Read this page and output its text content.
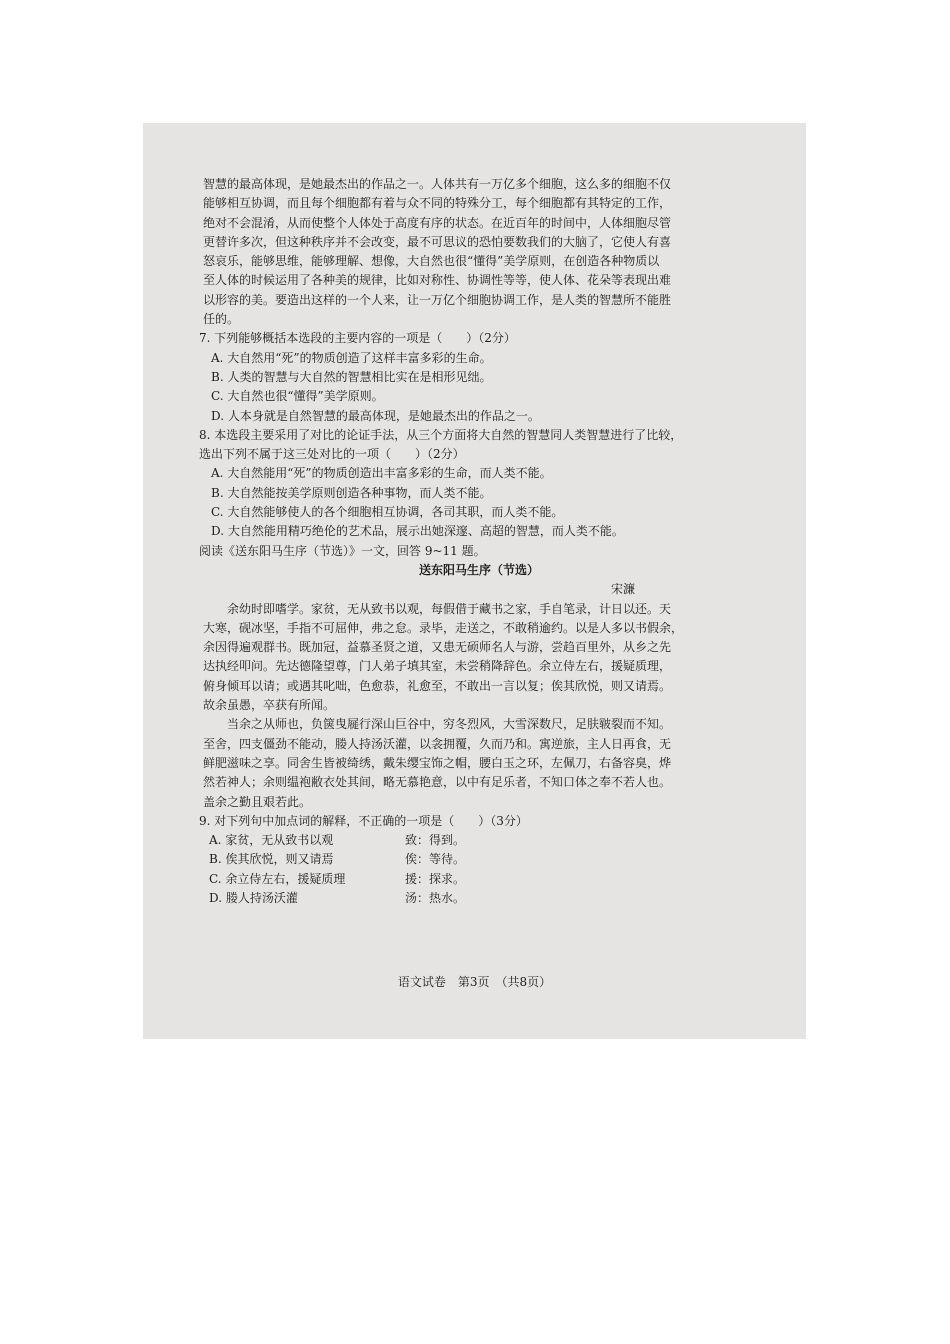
智慧的最高体现，是她最杰出的作品之一。人体共有一万亿多个细胞，这么多的细胞不仅
能够相互协调，而且每个细胞都有着与众不同的特殊分工，每个细胞都有其特定的工作，
绝对不会混淆，从而使整个人体处于高度有序的状态。在近百年的时间中，人体细胞尽管
更替许多次，但这种秩序并不会改变，最不可思议的恐怕要数我们的大脑了，它使人有喜
怒哀乐，能够思维，能够理解、想像，大自然也很“懂得”美学原则，在创造各种物质以
至人体的时候运用了各种美的规律，比如对称性、协调性等等，使人体、花朵等表现出难
以形容的美。要造出这样的一个人来，让一万亿个细胞协调工作，是人类的智慧所不能胜
任的。
7. 下列能够概括本选段的主要内容的一项是（　　）（2分）
A. 大自然用“死”的物质创造了这样丰富多彩的生命。
B. 人类的智慧与大自然的智慧相比实在是相形见绌。
C. 大自然也很“懂得”美学原则。
D. 人本身就是自然智慧的最高体现，是她最杰出的作品之一。
8. 本选段主要采用了对比的论证手法，从三个方面将大自然的智慧同人类智慧进行了比较，
选出下列不属于这三处对比的一项（　　）（2分）
A. 大自然能用“死”的物质创造出丰富多彩的生命，而人类不能。
B. 大自然能按美学原则创造各种事物，而人类不能。
C. 大自然能够使人的各个细胞相互协调，各司其职，而人类不能。
D. 大自然能用精巧绝伦的艺术品，展示出她深邃、高超的智慧，而人类不能。
阅读《送东阳马生序（节选）》一文，回答 9~11 题。
送东阳马生序（节选）
宋濂
余幼时即嗜学。家贫，无从致书以观，每假借于藏书之家，手自笔录，计日以还。天
大寒，砚冰坚，手指不可屈伸，弗之怠。录毕，走送之，不敢稍逾约。以是人多以书假余，
余因得遍观群书。既加冠，益慕圣贤之道，又患无硕师名人与游，尝趋百里外，从乡之先
达执经叩问。先达德隆望尊，门人弟子填其室，未尝稍降辞色。余立侍左右，援疑质理，
俯身倾耳以请；或遇其叱咄，色愈恭，礼愈至，不敢出一言以复；俟其欣悦，则又请焉。
故余虽愚，卒获有所闻。
当余之从师也，负箧曳屣行深山巨谷中，穷冬烈风，大雪深数尺，足肤皲裂而不知。
至舍，四支僵劲不能动，媵人持汤沃灌，以衾拥覆，久而乃和。寓逆旅，主人日再食，无
鲜肥滋味之享。同舍生皆被绮绣，戴朱缨宝饰之帽，腰白玉之环，左佩刀，右备容臭，烨
然若神人；余则缊袍敝衣处其间，略无慕艳意，以中有足乐者，不知口体之奉不若人也。
盖余之勤且艰若此。
9. 对下列句中加点词的解释，不正确的一项是（　　）（3分）
A. 家贫，无从致书以观	致：得到。
B. 俟其欣悦，则又请焉	俟：等待。
C. 余立侍左右，援疑质理	援：探求。
D. 媵人持汤沃灌	汤：热水。
语文试卷　第3页　（共8页）
